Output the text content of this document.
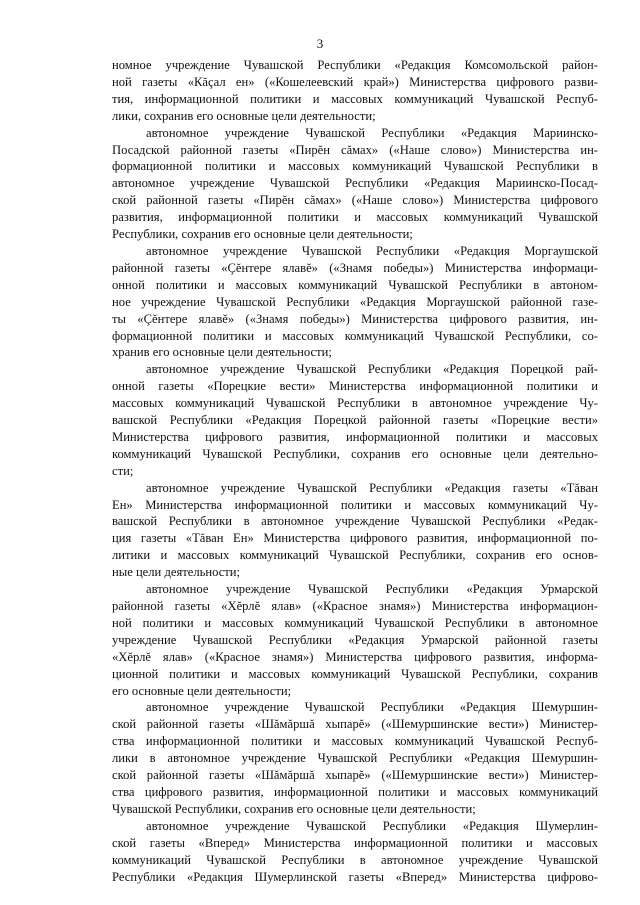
3

номное учреждение Чувашской Республики «Редакция Комсомольской район-
ной газеты «Кăçал ен» («Кошелеевский край») Министерства цифрового разви-
тия, информационной политики и массовых коммуникаций Чувашской Респуб-
лики, сохранив его основные цели деятельности;

автономное учреждение Чувашской Республики «Редакция Мариинско-
Посадской районной газеты «Пирĕн сăмах» («Наше слово») Министерства ин-
формационной политики и массовых коммуникаций Чувашской Республики в
автономное учреждение Чувашской Республики «Редакция Мариинско-Посад-
ской районной газеты «Пирĕн сăмах» («Наше слово») Министерства цифрового
развития, информационной политики и массовых коммуникаций Чувашской
Республики, сохранив его основные цели деятельности;

автономное учреждение Чувашской Республики «Редакция Моргаушской
районной газеты «Çĕнтере ялавĕ» («Знамя победы») Министерства информаци-
онной политики и массовых коммуникаций Чувашской Республики в автоном-
ное учреждение Чувашской Республики «Редакция Моргаушской районной газе-
ты «Çĕнтере ялавĕ» («Знамя победы») Министерства цифрового развития, ин-
формационной политики и массовых коммуникаций Чувашской Республики, со-
хранив его основные цели деятельности;

автономное учреждение Чувашской Республики «Редакция Порецкой рай-
онной газеты «Порецкие вести» Министерства информационной политики и
массовых коммуникаций Чувашской Республики в автономное учреждение Чу-
вашской Республики «Редакция Порецкой районной газеты «Порецкие вести»
Министерства цифрового развития, информационной политики и массовых
коммуникаций Чувашской Республики, сохранив его основные цели деятельно-
сти;

автономное учреждение Чувашской Республики «Редакция газеты «Тăван
Ен» Министерства информационной политики и массовых коммуникаций Чу-
вашской Республики в автономное учреждение Чувашской Республики «Редак-
ция газеты «Тăван Ен» Министерства цифрового развития, информационной по-
литики и массовых коммуникаций Чувашской Республики, сохранив его основ-
ные цели деятельности;

автономное учреждение Чувашской Республики «Редакция Урмарской
районной газеты «Хĕрлĕ ялав» («Красное знамя») Министерства информацион-
ной политики и массовых коммуникаций Чувашской Республики в автономное
учреждение Чувашской Республики «Редакция Урмарской районной газеты
«Хĕрлĕ ялав» («Красное знамя») Министерства цифрового развития, информа-
ционной политики и массовых коммуникаций Чувашской Республики, сохранив
его основные цели деятельности;

автономное учреждение Чувашской Республики «Редакция Шемуршин-
ской районной газеты «Шăмăршă хыпарĕ» («Шемуршинские вести») Министер-
ства информационной политики и массовых коммуникаций Чувашской Респуб-
лики в автономное учреждение Чувашской Республики «Редакция Шемуршин-
ской районной газеты «Шăмăршă хыпарĕ» («Шемуршинские вести») Министер-
ства цифрового развития, информационной политики и массовых коммуникаций
Чувашской Республики, сохранив его основные цели деятельности;

автономное учреждение Чувашской Республики «Редакция Шумерлин-
ской газеты «Вперед» Министерства информационной политики и массовых
коммуникаций Чувашской Республики в автономное учреждение Чувашской
Республики «Редакция Шумерлинской газеты «Вперед» Министерства цифрово-
